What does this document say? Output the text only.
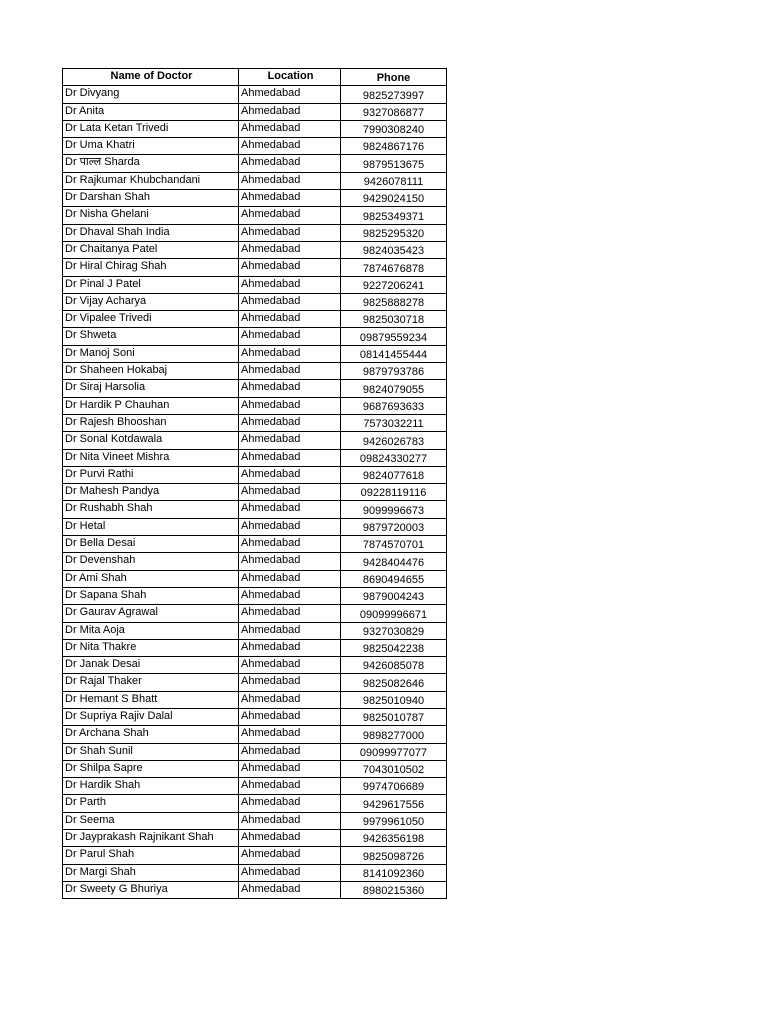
Name of Doctor	Location	Phone
Dr Divyang	Ahmedabad	9825273997
Dr Anita	Ahmedabad	9327086877
Dr Lata Ketan Trivedi	Ahmedabad	7990308240
Dr Uma Khatri	Ahmedabad	9824867176
Dr पाल्ल Sharda	Ahmedabad	9879513675
Dr Rajkumar Khubchandani	Ahmedabad	9426078111
Dr Darshan Shah	Ahmedabad	9429024150
Dr Nisha Ghelani	Ahmedabad	9825349371
Dr Dhaval Shah India	Ahmedabad	9825295320
Dr Chaitanya Patel	Ahmedabad	9824035423
Dr Hiral Chirag Shah	Ahmedabad	7874676878
Dr Pinal J Patel	Ahmedabad	9227206241
Dr Vijay Acharya	Ahmedabad	9825888278
Dr Vipalee Trivedi	Ahmedabad	9825030718
Dr Shweta	Ahmedabad	09879559234
Dr Manoj Soni	Ahmedabad	08141455444
Dr Shaheen Hokabaj	Ahmedabad	9879793786
Dr Siraj Harsolia	Ahmedabad	9824079055
Dr Hardik P Chauhan	Ahmedabad	9687693633
Dr Rajesh Bhooshan	Ahmedabad	7573032211
Dr Sonal Kotdawala	Ahmedabad	9426026783
Dr Nita Vineet Mishra	Ahmedabad	09824330277
Dr Purvi Rathi	Ahmedabad	9824077618
Dr Mahesh Pandya	Ahmedabad	09228119116
Dr Rushabh Shah	Ahmedabad	9099996673
Dr Hetal	Ahmedabad	9879720003
Dr Bella Desai	Ahmedabad	7874570701
Dr Devenshah	Ahmedabad	9428404476
Dr Ami Shah	Ahmedabad	8690494655
Dr Sapana Shah	Ahmedabad	9879004243
Dr Gaurav Agrawal	Ahmedabad	09099996671
Dr Mita Aoja	Ahmedabad	9327030829
Dr Nita Thakre	Ahmedabad	9825042238
Dr Janak Desai	Ahmedabad	9426085078
Dr Rajal Thaker	Ahmedabad	9825082646
Dr Hemant S Bhatt	Ahmedabad	9825010940
Dr Supriya Rajiv Dalal	Ahmedabad	9825010787
Dr Archana Shah	Ahmedabad	9898277000
Dr Shah Sunil	Ahmedabad	09099977077
Dr Shilpa Sapre	Ahmedabad	7043010502
Dr Hardik Shah	Ahmedabad	9974706689
Dr Parth	Ahmedabad	9429617556
Dr Seema	Ahmedabad	9979961050
Dr Jayprakash Rajnikant Shah	Ahmedabad	9426356198
Dr Parul Shah	Ahmedabad	9825098726
Dr Margi Shah	Ahmedabad	8141092360
Dr Sweety G Bhuriya	Ahmedabad	8980215360
